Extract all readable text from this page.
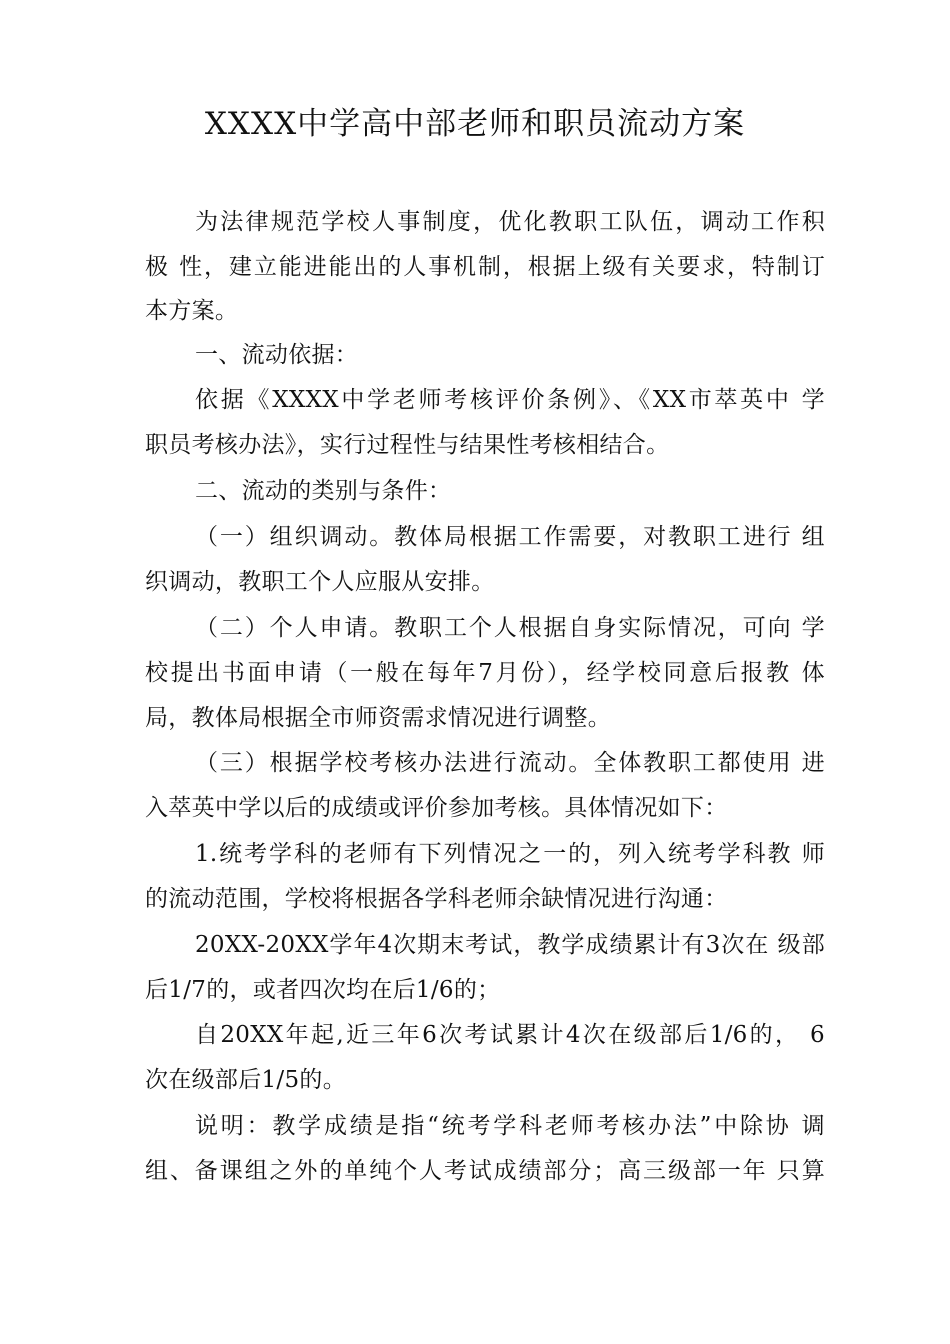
XXXX中学高中部老师和职员流动方案
为法律规范学校人事制度，优化教职工队伍，调动工作积
极 性，建立能进能出的人事机制，根据上级有关要求，特制订
本方案。
一、流动依据：
依据《XXXX中学老师考核评价条例》、《XX市萃英中 学
职员考核办法》，实行过程性与结果性考核相结合。
二、流动的类别与条件：
（一）组织调动。教体局根据工作需要，对教职工进行 组
织调动，教职工个人应服从安排。
（二）个人申请。教职工个人根据自身实际情况，可向 学
校提出书面申请（一般在每年7月份），经学校同意后报教 体
局，教体局根据全市师资需求情况进行调整。
（三）根据学校考核办法进行流动。全体教职工都使用 进
入萃英中学以后的成绩或评价参加考核。具体情况如下：
1.统考学科的老师有下列情况之一的，列入统考学科教 师
的流动范围，学校将根据各学科老师余缺情况进行沟通：
20XX-20XX学年4次期末考试，教学成绩累计有3次在 级部
后1/7的，或者四次均在后1/6的；
自20XX年起,近三年6次考试累计4次在级部后1/6的， 6
次在级部后1/5的。
说明：教学成绩是指“统考学科老师考核办法”中除协 调
组、备课组之外的单纯个人考试成绩部分；高三级部一年 只算
